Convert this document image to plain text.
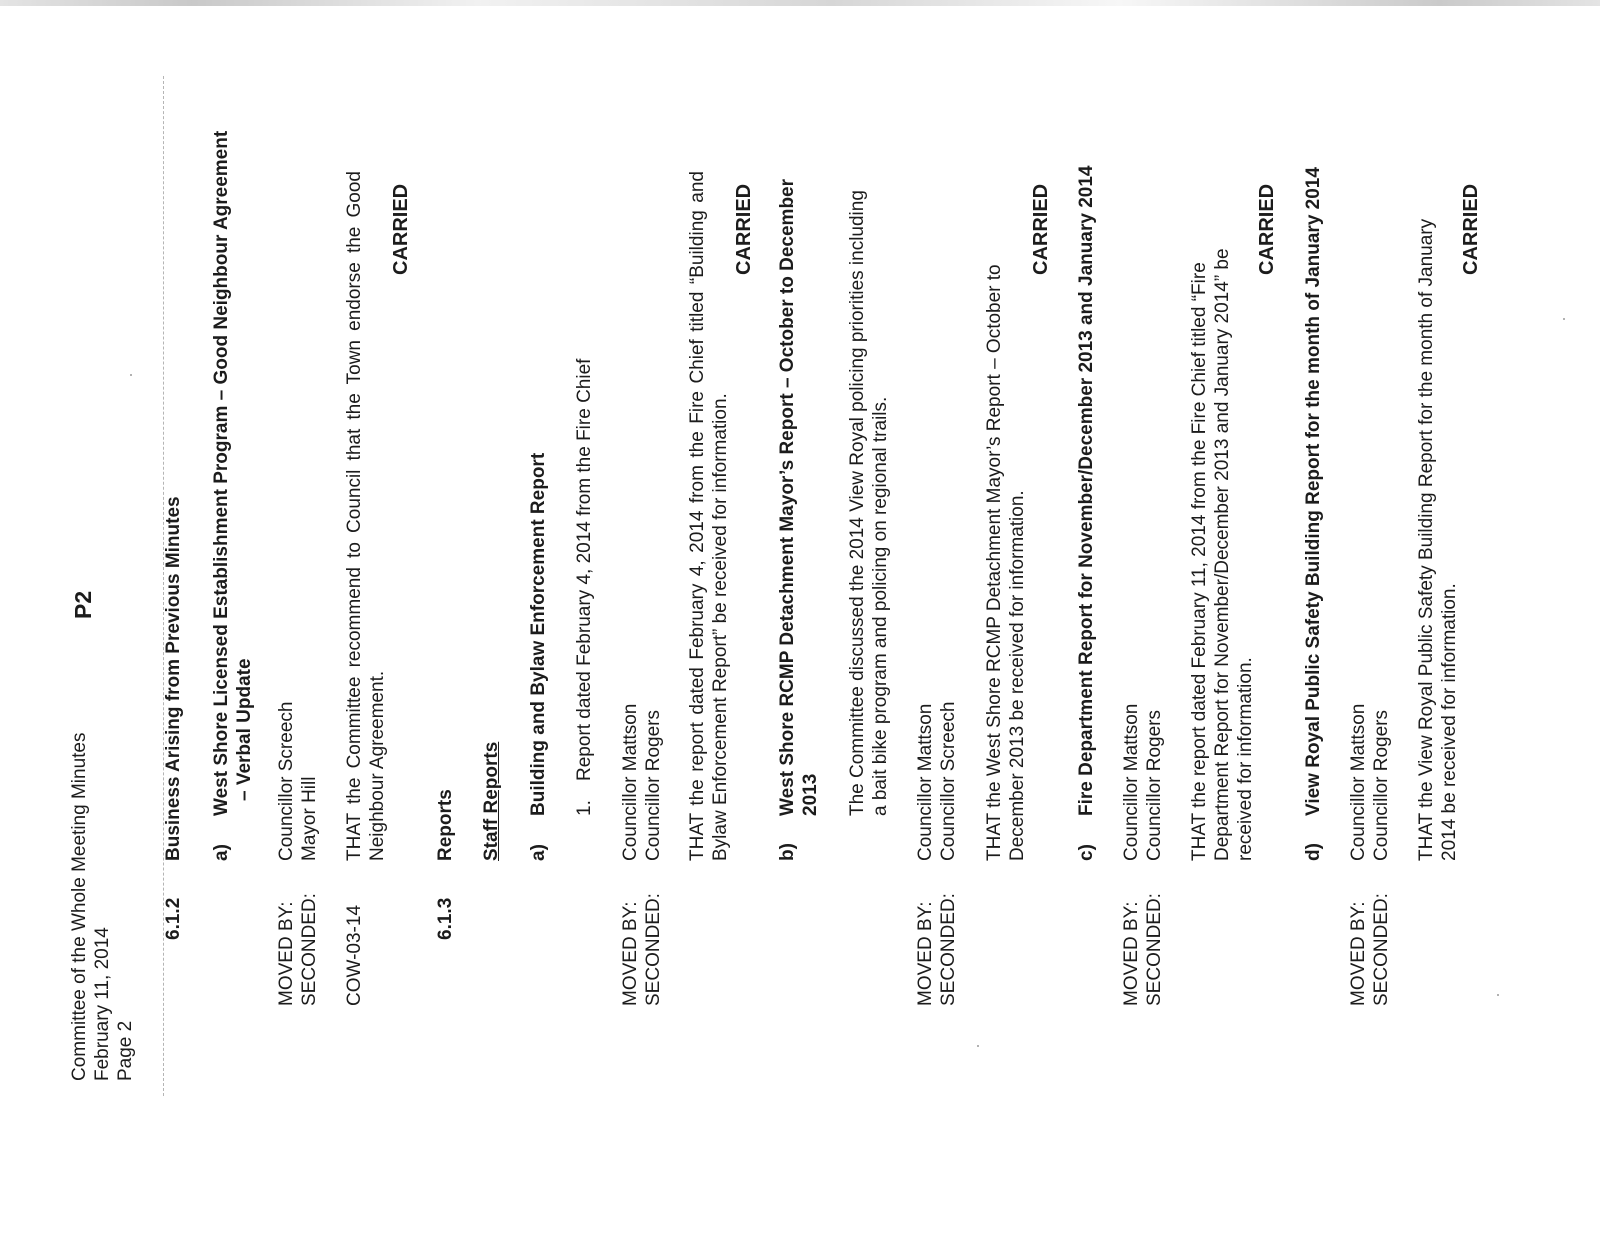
Committee of the Whole Meeting Minutes February 11, 2014 Page 2
P2
6.1.2
Business Arising from Previous Minutes a)
West Shore Licensed Establishment Program – Good Neighbour Agreement – Verbal Update
MOVED BY: SECONDED:
Councillor Screech Mayor Hill
COW-03-14
THAT the Committee recommend to Council that the Town endorse the Good Neighbour Agreement.
CARRIED
6.1.3
Reports Staff Reports a)
Building and Bylaw Enforcement Report 1.
Report dated February 4, 2014 from the Fire Chief
MOVED BY: SECONDED:
Councillor Mattson Councillor Rogers THAT the report dated February 4, 2014 from the Fire Chief titled “Building and Bylaw Enforcement Report” be received for information.
CARRIED
b)
West Shore RCMP Detachment Mayor’s Report – October to December 2013 The Committee discussed the 2014 View Royal policing priorities including a bait bike program and policing on regional trails.
MOVED BY: SECONDED:
Councillor Mattson Councillor Screech THAT the West Shore RCMP Detachment Mayor’s Report – October to December 2013 be received for information.
CARRIED
c)
Fire Department Report for November/December 2013 and January 2014
MOVED BY: SECONDED:
Councillor Mattson Councillor Rogers THAT the report dated February 11, 2014 from the Fire Chief titled “Fire Department Report for November/December 2013 and January 2014” be received for information.
CARRIED
d)
View Royal Public Safety Building Report for the month of January 2014
MOVED BY: SECONDED:
Councillor Mattson Councillor Rogers THAT the View Royal Public Safety Building Report for the month of January 2014 be received for information.
CARRIED
